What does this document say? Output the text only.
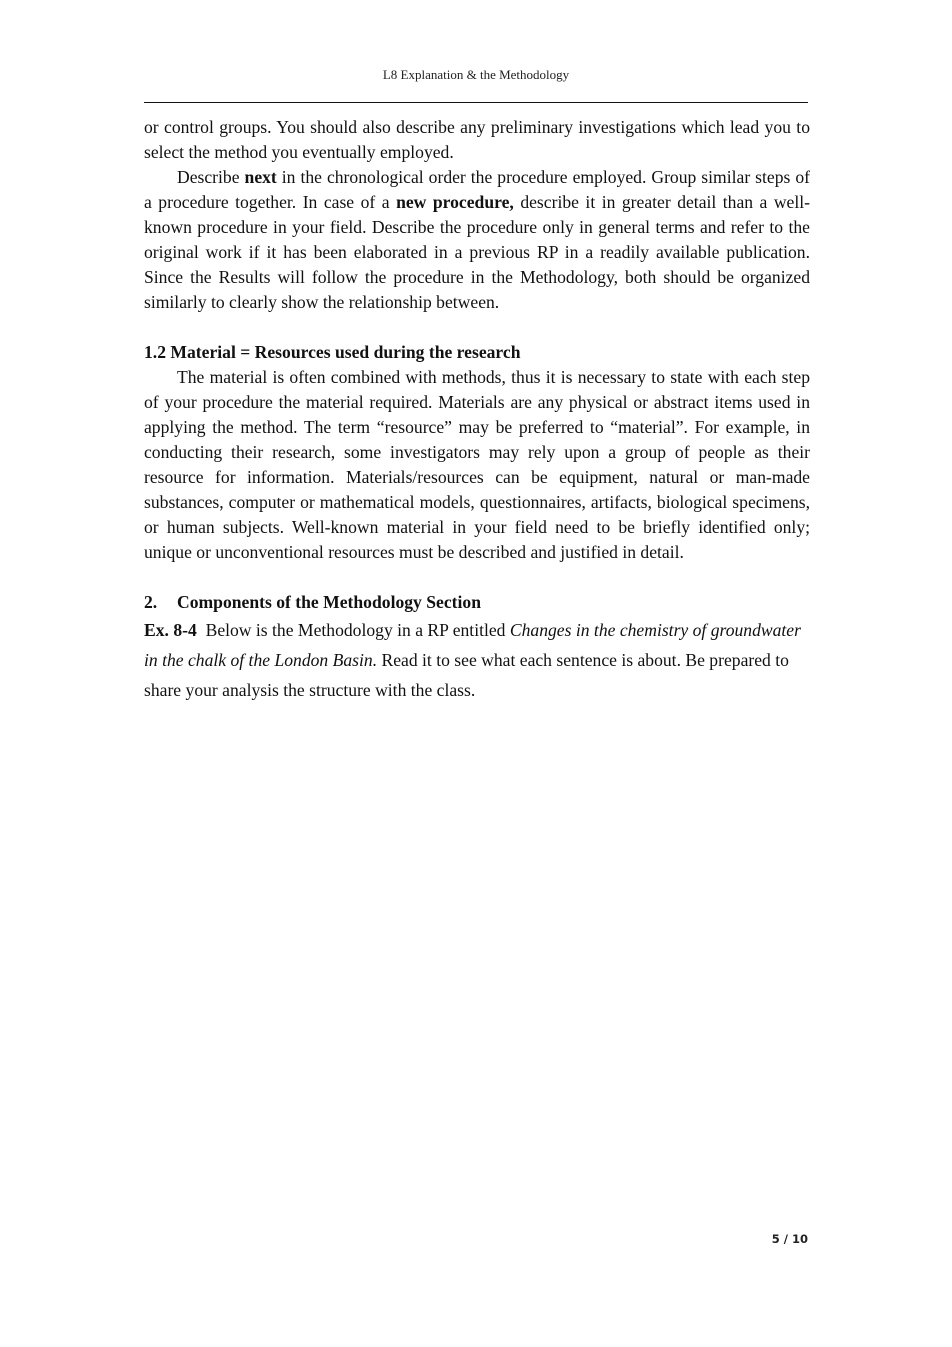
L8 Explanation & the Methodology

or control groups. You should also describe any preliminary investigations which lead you to select the method you eventually employed.

Describe next in the chronological order the procedure employed. Group similar steps of a procedure together. In case of a new procedure, describe it in greater detail than a well-known procedure in your field. Describe the procedure only in general terms and refer to the original work if it has been elaborated in a previous RP in a readily available publication. Since the Results will follow the procedure in the Methodology, both should be organized similarly to clearly show the relationship between.

1.2 Material = Resources used during the research

The material is often combined with methods, thus it is necessary to state with each step of your procedure the material required. Materials are any physical or abstract items used in applying the method. The term “resource” may be preferred to “material”. For example, in conducting their research, some investigators may rely upon a group of people as their resource for information. Materials/resources can be equipment, natural or man-made substances, computer or mathematical models, questionnaires, artifacts, biological specimens, or human subjects. Well-known material in your field need to be briefly identified only; unique or unconventional resources must be described and justified in detail.

2. Components of the Methodology Section

Ex. 8-4  Below is the Methodology in a RP entitled Changes in the chemistry of groundwater in the chalk of the London Basin. Read it to see what each sentence is about. Be prepared to share your analysis the structure with the class.

5 / 10
